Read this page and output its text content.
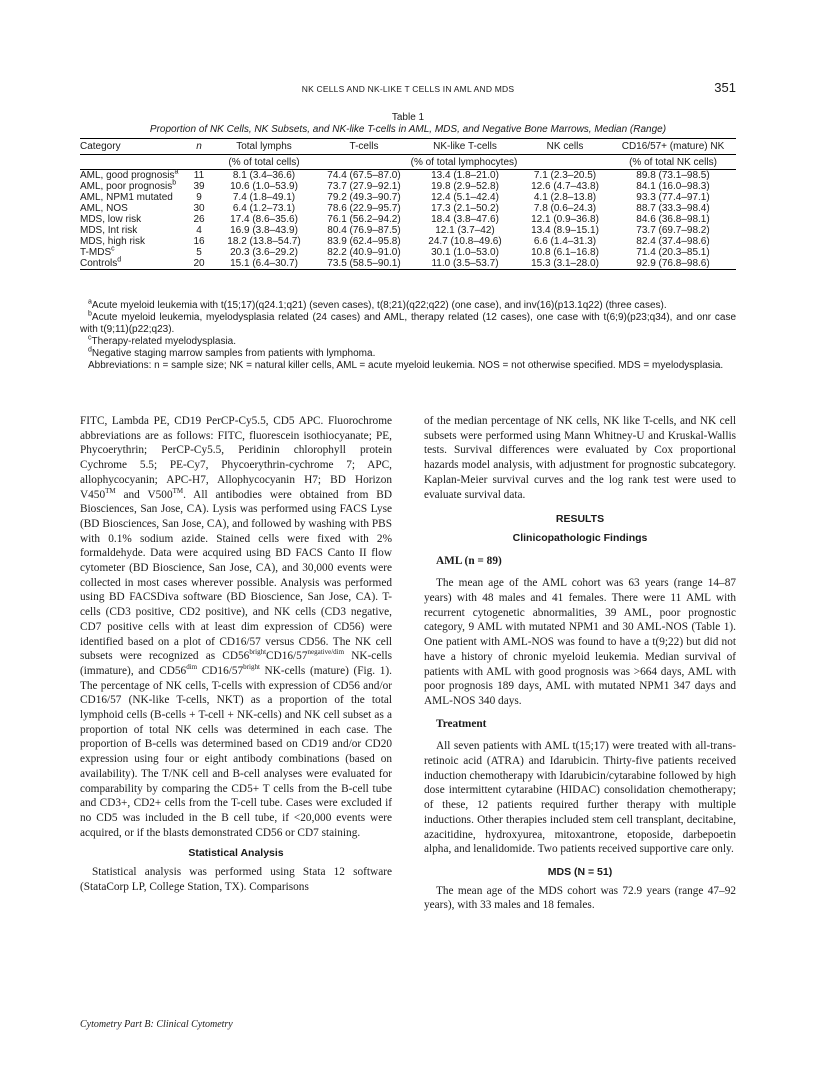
NK CELLS AND NK-LIKE T CELLS IN AML AND MDS	351
Table 1
Proportion of NK Cells, NK Subsets, and NK-like T-cells in AML, MDS, and Negative Bone Marrows, Median (Range)
Category	n	Total lymphs	T-cells	NK-like T-cells	NK cells	CD16/57+ (mature) NK
		(% of total cells)	(% of total lymphocytes)			(% of total NK cells)
AML, good prognosis$^a$	11	8.1 (3.4–36.6)	74.4 (67.5–87.0)	13.4 (1.8–21.0)	7.1 (2.3–20.5)	89.8 (73.1–98.5)
AML, poor prognosis$^b$	39	10.6 (1.0–53.9)	73.7 (27.9–92.1)	19.8 (2.9–52.8)	12.6 (4.7–43.8)	84.1 (16.0–98.3)
AML, NPM1 mutated	9	7.4 (1.8–49.1)	79.2 (49.3–90.7)	12.4 (5.1–42.4)	4.1 (2.8–13.8)	93.3 (77.4–97.1)
AML, NOS	30	6.4 (1.2–73.1)	78.6 (22.9–95.7)	17.3 (2.1–50.2)	7.8 (0.6–24.3)	88.7 (33.3–98.4)
MDS, low risk	26	17.4 (8.6–35.6)	76.1 (56.2–94.2)	18.4 (3.8–47.6)	12.1 (0.9–36.8)	84.6 (36.8–98.1)
MDS, Int risk	4	16.9 (3.8–43.9)	80.4 (76.9–87.5)	12.1 (3.7–42)	13.4 (8.9–15.1)	73.7 (69.7–98.2)
MDS, high risk	16	18.2 (13.8–54.7)	83.9 (62.4–95.8)	24.7 (10.8–49.6)	6.6 (1.4–31.3)	82.4 (37.4–98.6)
T-MDS$^c$	5	20.3 (3.6–29.2)	82.2 (40.9–91.0)	30.1 (1.0–53.0)	10.8 (6.1–16.8)	71.4 (20.3–85.1)
Controls$^d$	20	15.1 (6.4–30.7)	73.5 (58.5–90.1)	11.0 (3.5–53.7)	15.3 (3.1–28.0)	92.9 (76.8–98.6)

$^a$Acute myeloid leukemia with t(15;17)(q24.1;q21) (seven cases), t(8;21)(q22;q22) (one case), and inv(16)(p13.1q22) (three cases).

$^b$Acute myeloid leukemia, myelodysplasia related (24 cases) and AML, therapy related (12 cases), one case with t(6;9)(p23;q34), and onr case with t(9;11)(p22;q23).

$^c$Therapy-related myelodysplasia.

$^d$Negative staging marrow samples from patients with lymphoma.

Abbreviations: n = sample size; NK = natural killer cells, AML = acute myeloid leukemia. NOS = not otherwise specified. MDS = myelodysplasia.

FITC, Lambda PE, CD19 PerCP-Cy5.5, CD5 APC. Fluorochrome abbreviations are as follows: FITC, fluorescein isothiocyanate; PE, Phycoerythrin; PerCP-Cy5.5, Peridinin chlorophyll protein Cychrome 5.5; PE-Cy7, Phycoerythrin-cychrome 7; APC, allophycocyanin; APC-H7, Allophycocyanin H7; BD Horizon V450™ and V500™. All antibodies were obtained from BD Biosciences, San Jose, CA). Lysis was performed using FACS Lyse (BD Biosciences, San Jose, CA), and followed by washing with PBS with 0.1% sodium azide. Stained cells were fixed with 2% formaldehyde. Data were acquired using BD FACS Canto II flow cytometer (BD Bioscience, San Jose, CA), and 30,000 events were collected in most cases wherever possible. Analysis was performed using BD FACSDiva software (BD Bioscience, San Jose, CA). T-cells (CD3 positive, CD2 positive), and NK cells (CD3 negative, CD7 positive cells with at least dim expression of CD56) were identified based on a plot of CD16/57 versus CD56. The NK cell subsets were recognized as $CD56^{bright}CD16/57^{negative/dim}$ NK-cells (immature), and $CD56^{dim}$ $CD16/57^{bright}$ NK-cells (mature) (Fig. 1). The percentage of NK cells, T-cells with expression of CD56 and/or CD16/57 (NK-like T-cells, NKT) as a proportion of the total lymphoid cells (B-cells + T-cell + NK-cells) and NK cell subset as a proportion of total NK cells was determined in each case. The proportion of B-cells was determined based on CD19 and/or CD20 expression using four or eight antibody combinations (based on availability). The T/NK cell and B-cell analyses were evaluated for comparability by comparing the CD5+ T cells from the B-cell tube and CD3+, CD2+ cells from the T-cell tube. Cases were excluded if no CD5 was included in the B cell tube, if <20,000 events were acquired, or if the blasts demonstrated CD56 or CD7 staining.

Statistical Analysis

Statistical analysis was performed using Stata 12 software (StataCorp LP, College Station, TX). Comparisons

of the median percentage of NK cells, NK like T-cells, and NK cell subsets were performed using Mann Whitney-U and Kruskal-Wallis tests. Survival differences were evaluated by Cox proportional hazards model analysis, with adjustment for prognostic subcategory. Kaplan-Meier survival curves and the log rank test were used to evaluate survival data.

RESULTS

Clinicopathologic Findings

AML (n = 89)

The mean age of the AML cohort was 63 years (range 14–87 years) with 48 males and 41 females. There were 11 AML with recurrent cytogenetic abnormalities, 39 AML, poor prognostic category, 9 AML with mutated NPM1 and 30 AML-NOS (Table 1). One patient with AML-NOS was found to have a t(9;22) but did not have a history of chronic myeloid leukemia. Median survival of patients with AML with good prognosis was >664 days, AML with poor prognosis 189 days, AML with mutated NPM1 347 days and AML-NOS 340 days.

Treatment

All seven patients with AML t(15;17) were treated with all-trans-retinoic acid (ATRA) and Idarubicin. Thirty-five patients received induction chemotherapy with Idarubicin/cytarabine followed by high dose intermittent cytarabine (HIDAC) consolidation chemotherapy; of these, 12 patients required further therapy with multiple inductions. Other therapies included stem cell transplant, decitabine, azacitidine, hydroxyurea, mitoxantrone, etoposide, darbepoetin alpha, and lenalidomide. Two patients received supportive care only.

MDS (N = 51)

The mean age of the MDS cohort was 72.9 years (range 47–92 years), with 33 males and 18 females.

Cytometry Part B: Clinical Cytometry
